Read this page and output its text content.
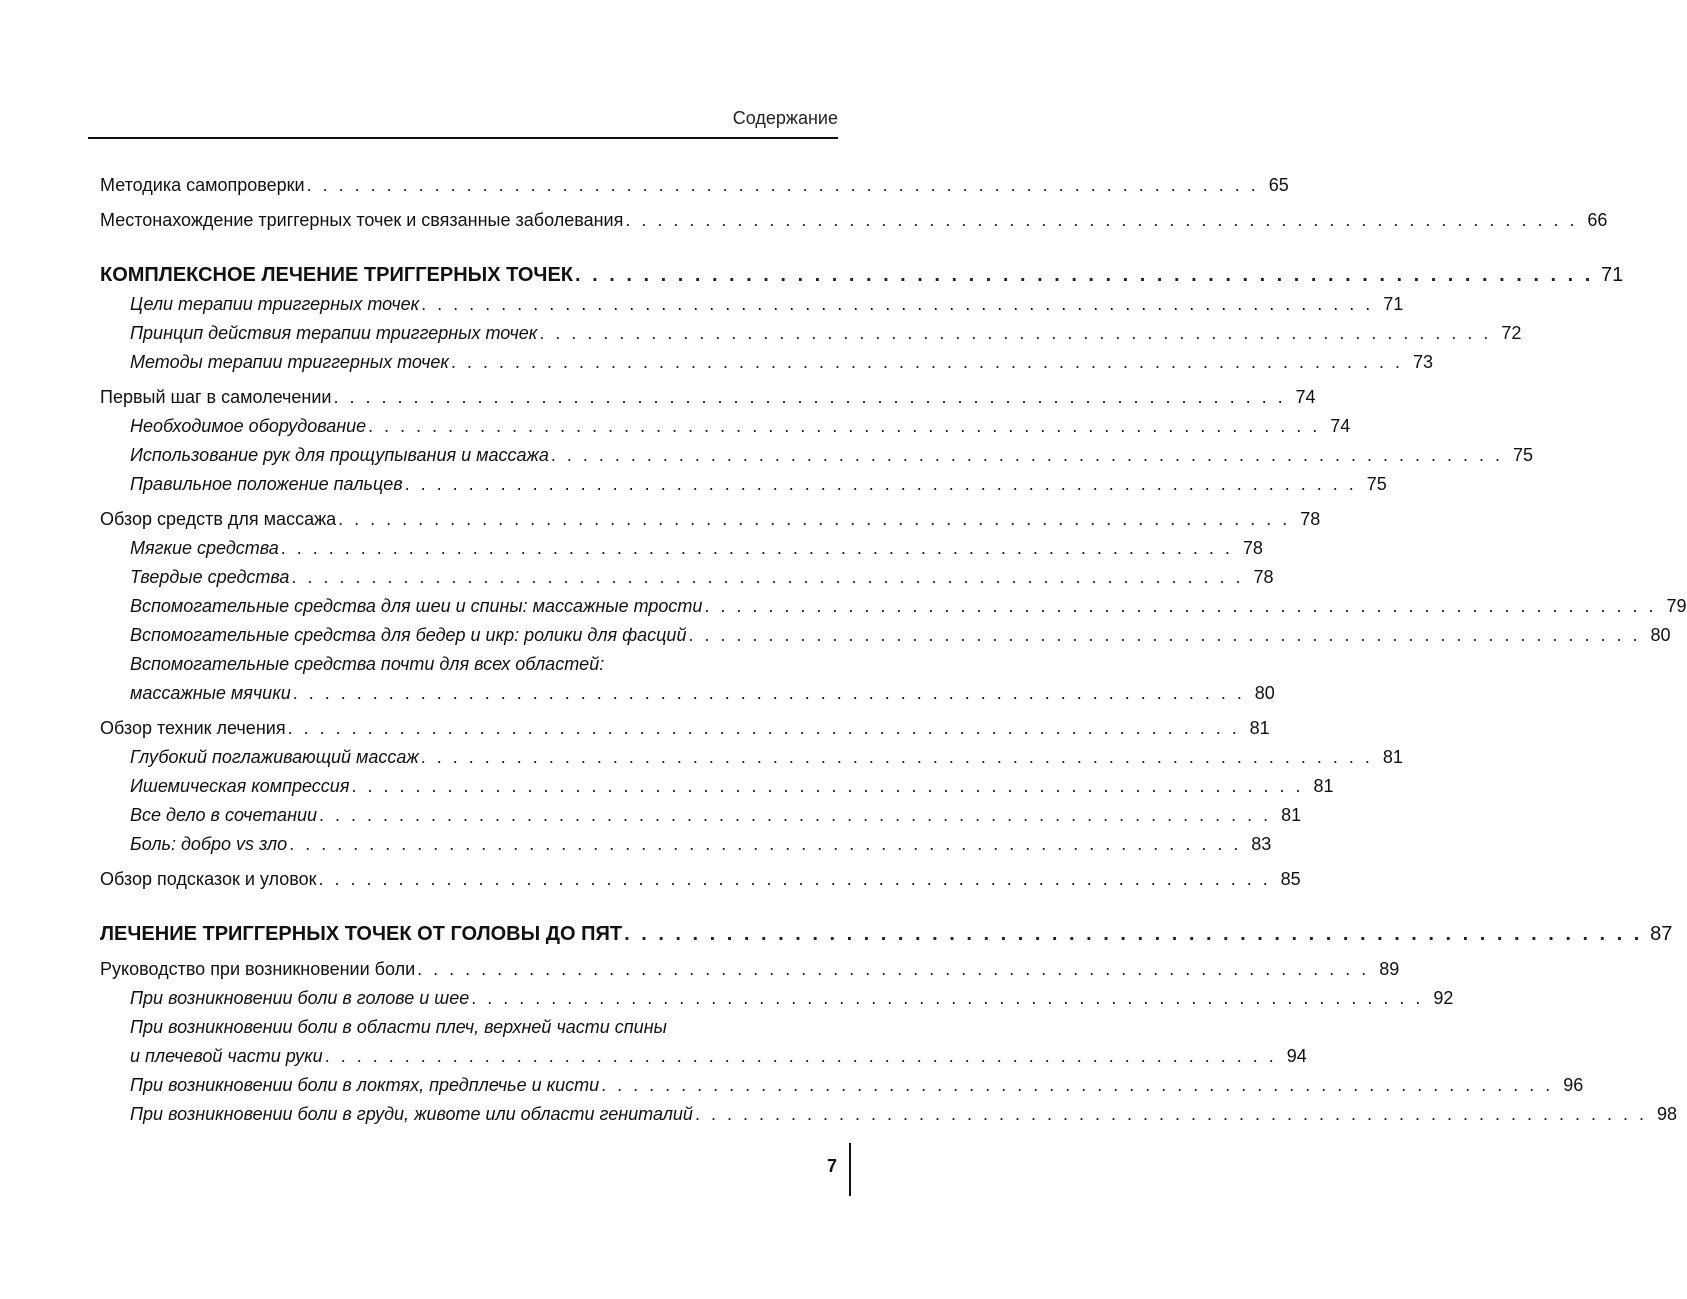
Содержание
Методика самопроверки . . . . . . . . . . . . . . . . . . . . . . . . . . . . . . . . . . . . . . . . . . . . . . . . . . . . . . . . . . . . 65
Местонахождение триггерных точек и связанные заболевания . . . . . . . . . . . . . . . . . . . . . . . . . . . . . . . . . . . . . . . . . . . . . . . . . . . . . . . . . . . . 66
КОМПЛЕКСНОЕ ЛЕЧЕНИЕ ТРИГГЕРНЫХ ТОЧЕК . . . . . . . . . . . . . . . . . . . . . . . . . . . . . . . . . . . . . . . . . . . . . . . . . . . . . . . . . . . . 71
Цели терапии триггерных точек . . . . . . . . . . . . . . . . . . . . . . . . . . . . . . . . . . . . . . . . . . . . . . . . . . . . . . . . . . . . 71
Принцип действия терапии триггерных точек . . . . . . . . . . . . . . . . . . . . . . . . . . . . . . . . . . . . . . . . . . . . . . . . . . . . . . . . . . . . 72
Методы терапии триггерных точек . . . . . . . . . . . . . . . . . . . . . . . . . . . . . . . . . . . . . . . . . . . . . . . . . . . . . . . . . . . . 73
Первый шаг в самолечении . . . . . . . . . . . . . . . . . . . . . . . . . . . . . . . . . . . . . . . . . . . . . . . . . . . . . . . . . . . . 74
Необходимое оборудование . . . . . . . . . . . . . . . . . . . . . . . . . . . . . . . . . . . . . . . . . . . . . . . . . . . . . . . . . . . . 74
Использование рук для прощупывания и массажа . . . . . . . . . . . . . . . . . . . . . . . . . . . . . . . . . . . . . . . . . . . . . . . . . . . . . . . . . . . . 75
Правильное положение пальцев . . . . . . . . . . . . . . . . . . . . . . . . . . . . . . . . . . . . . . . . . . . . . . . . . . . . . . . . . . . . 75
Обзор средств для массажа . . . . . . . . . . . . . . . . . . . . . . . . . . . . . . . . . . . . . . . . . . . . . . . . . . . . . . . . . . . . 78
Мягкие средства . . . . . . . . . . . . . . . . . . . . . . . . . . . . . . . . . . . . . . . . . . . . . . . . . . . . . . . . . . . . 78
Твердые средства . . . . . . . . . . . . . . . . . . . . . . . . . . . . . . . . . . . . . . . . . . . . . . . . . . . . . . . . . . . . 78
Вспомогательные средства для шеи и спины: массажные трости . . . . . . . . . . . . . . . . . . . . . . . . . . . . . . . . . . . . . . . . . . . . . . . . . . . . . . . . . . . . 79
Вспомогательные средства для бедер и икр: ролики для фасций . . . . . . . . . . . . . . . . . . . . . . . . . . . . . . . . . . . . . . . . . . . . . . . . . . . . . . . . . . . . 80
Вспомогательные средства почти для всех областей:
массажные мячики . . . . . . . . . . . . . . . . . . . . . . . . . . . . . . . . . . . . . . . . . . . . . . . . . . . . . . . . . . . . 80
Обзор техник лечения . . . . . . . . . . . . . . . . . . . . . . . . . . . . . . . . . . . . . . . . . . . . . . . . . . . . . . . . . . . . 81
Глубокий поглаживающий массаж . . . . . . . . . . . . . . . . . . . . . . . . . . . . . . . . . . . . . . . . . . . . . . . . . . . . . . . . . . . . 81
Ишемическая компрессия . . . . . . . . . . . . . . . . . . . . . . . . . . . . . . . . . . . . . . . . . . . . . . . . . . . . . . . . . . . . 81
Все дело в сочетании . . . . . . . . . . . . . . . . . . . . . . . . . . . . . . . . . . . . . . . . . . . . . . . . . . . . . . . . . . . . 81
Боль: добро vs зло . . . . . . . . . . . . . . . . . . . . . . . . . . . . . . . . . . . . . . . . . . . . . . . . . . . . . . . . . . . . 83
Обзор подсказок и уловок . . . . . . . . . . . . . . . . . . . . . . . . . . . . . . . . . . . . . . . . . . . . . . . . . . . . . . . . . . . . 85
ЛЕЧЕНИЕ ТРИГГЕРНЫХ ТОЧЕК ОТ ГОЛОВЫ ДО ПЯТ . . . . . . . . . . . . . . . . . . . . . . . . . . . . . . . . . . . . . . . . . . . . . . . . . . . . . . . . . . . . 87
Руководство при возникновении боли . . . . . . . . . . . . . . . . . . . . . . . . . . . . . . . . . . . . . . . . . . . . . . . . . . . . . . . . . . . . 89
При возникновении боли в голове и шее . . . . . . . . . . . . . . . . . . . . . . . . . . . . . . . . . . . . . . . . . . . . . . . . . . . . . . . . . . . . 92
При возникновении боли в области плеч, верхней части спины
и плечевой части руки . . . . . . . . . . . . . . . . . . . . . . . . . . . . . . . . . . . . . . . . . . . . . . . . . . . . . . . . . . . . 94
При возникновении боли в локтях, предплечье и кисти . . . . . . . . . . . . . . . . . . . . . . . . . . . . . . . . . . . . . . . . . . . . . . . . . . . . . . . . . . . . 96
При возникновении боли в груди, животе или области гениталий . . . . . . . . . . . . . . . . . . . . . . . . . . . . . . . . . . . . . . . . . . . . . . . . . . . . . . . . . . . . 98
7
